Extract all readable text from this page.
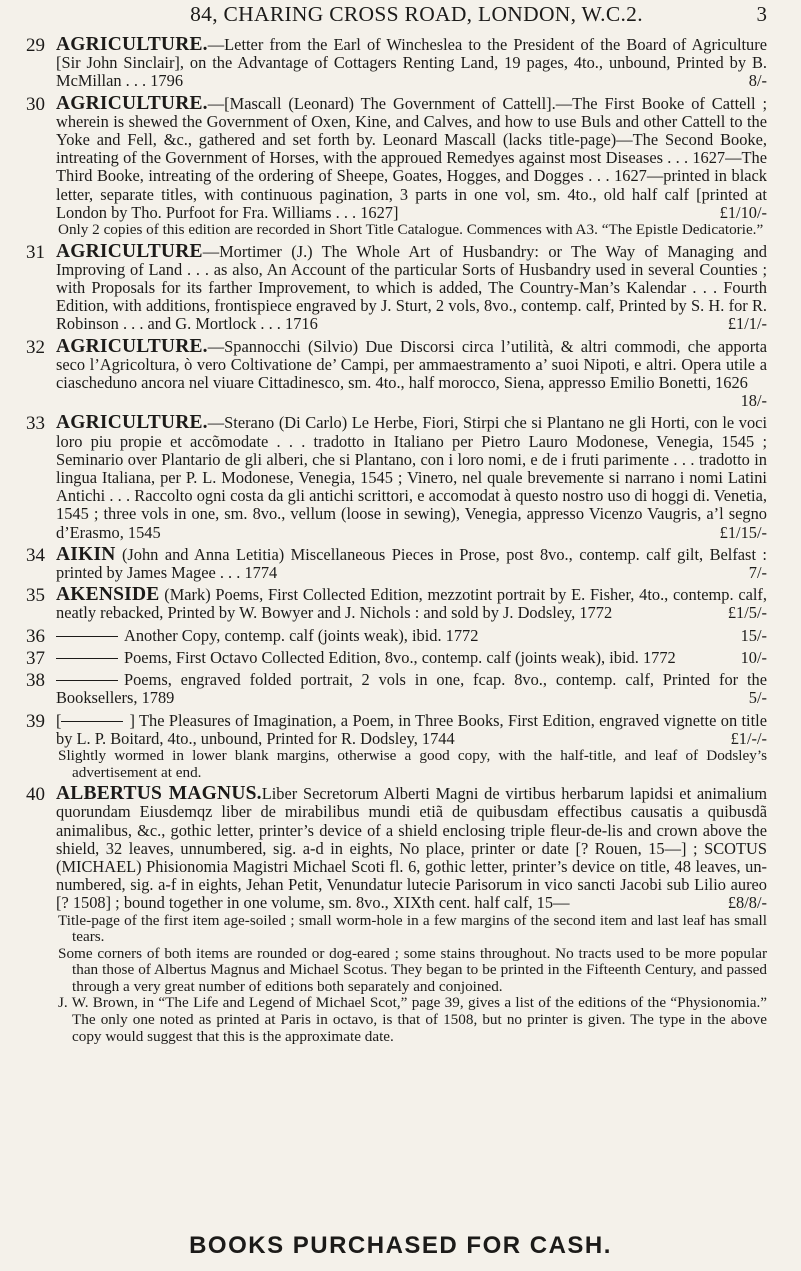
84, CHARING CROSS ROAD, LONDON, W.C.2.	3
29 AGRICULTURE.—Letter from the Earl of Wincheslea to the President of the Board of Agriculture [Sir John Sinclair], on the Advantage of Cottagers Renting Land, 19 pages, 4to., unbound, Printed by B. McMillan . . . 1796	8/-

30 AGRICULTURE.—[Mascall (Leonard) The Government of Cattell].—The First Booke of Cattell ; wherein is shewed the Government of Oxen, Kine, and Calves, and how to use Buls and other Cattell to the Yoke and Fell, &c., gathered and set forth by. Leonard Mascall (lacks title-page)—The Second Booke, intreating of the Government of Horses, with the approued Remedyes against most Diseases . . . 1627—The Third Booke, intreating of the ordering of Sheepe, Goates, Hogges, and Dogges . . . 1627—printed in black letter, separate titles, with continuous pagination, 3 parts in one vol, sm. 4to., old half calf [printed at London by Tho. Purfoot for Fra. Williams . . . 1627]	£1/10/-

Only 2 copies of this edition are recorded in Short Title Catalogue. Commences with A3. “The Epistle Dedicatorie.”

31 AGRICULTURE—Mortimer (J.) The Whole Art of Husbandry: or The Way of Managing and Improving of Land . . . as also, An Account of the particular Sorts of Husbandry used in several Counties ; with Proposals for its farther Improvement, to which is added, The Country-Man’s Kalendar . . . Fourth Edition, with additions, frontispiece engraved by J. Sturt, 2 vols, 8vo., contemp. calf, Printed by S. H. for R. Robinson . . . and G. Mortlock . . . 1716	£1/1/-

32 AGRICULTURE.—Spannocchi (Silvio) Due Discorsi circa l’utilità, & altri commodi, che apporta seco l’Agricoltura, ò vero Coltivatione de’ Campi, per ammaestramento a’ suoi Nipoti, e altri. Opera utile a ciascheduno ancora nel viuare Cittadinesco, sm. 4to., half morocco, Siena, appresso Emilio Bonetti, 1626
18/-

33 AGRICULTURE.—Sterano (Di Carlo) Le Herbe, Fiori, Stirpi che si Plantano ne gli Horti, con le voci loro piu propie et accõmodate . . . tradotto in Italiano per Pietro Lauro Modonese, Venegia, 1545 ; Seminario over Plantario de gli alberi, che si Plantano, con i loro nomi, e de i fruti parimente . . . tradotto in lingua Italiana, per P. L. Modonese, Venegia, 1545 ; Vinето, nel quale brevemente si narrano i nomi Latini Antichi . . . Raccolto ogni costa da gli antichi scrittori, e accomodat à questo nostro uso di hoggi di. Venetia, 1545 ; three vols in one, sm. 8vo., vellum (loose in sewing), Venegia, appresso Vicenzo Vaugris, a’l segno d’Erasmo, 1545	£1/15/-

34 AIKIN (John and Anna Letitia) Miscellaneous Pieces in Prose, post 8vo., contemp. calf gilt, Belfast : printed by James Magee . . . 1774	7/-

35 AKENSIDE (Mark) Poems, First Collected Edition, mezzotint portrait by E. Fisher, 4to., contemp. calf, neatly rebacked, Printed by W. Bowyer and J. Nichols : and sold by J. Dodsley, 1772	£1/5/-

36	Another Copy, contemp. calf (joints weak), ibid. 1772	15/-

37	Poems, First Octavo Collected Edition, 8vo., contemp. calf (joints weak), ibid. 1772	10/-

38	Poems, engraved folded portrait, 2 vols in one, fcap. 8vo., contemp. calf, Printed for the Booksellers, 1789	5/-

39 [	] The Pleasures of Imagination, a Poem, in Three Books, First Edition, engraved vignette on title by L. P. Boitard, 4to., unbound, Printed for R. Dodsley, 1744	£1/-/-

Slightly wormed in lower blank margins, otherwise a good copy, with the half-title, and leaf of Dodsley’s advertisement at end.

40 ALBERTUS MAGNUS.Liber Secretorum Alberti Magni de virtibus herbarum lapidsi et animalium quorundam Eiusdemqz liber de mirabilibus mundi etiã de quibusdam effectibus causatis a quibusdã animalibus, &c., gothic letter, printer’s device of a shield enclosing triple fleur-de-lis and crown above the shield, 32 leaves, unnumbered, sig. a-d in eights, No place, printer or date [? Rouen, 15—] ; SCOTUS (MICHAEL) Phisionomia Magistri Michael Scoti fl. 6, gothic letter, printer’s device on title, 48 leaves, un-numbered, sig. a-f in eights, Jehan Petit, Venundatur lutecie Parisorum in vico sancti Jacobi sub Lilio aureo [? 1508] ; bound together in one volume, sm. 8vo., XIXth cent. half calf, 15—	£8/8/-

Title-page of the first item age-soiled ; small worm-hole in a few margins of the second item and last leaf has small tears.

Some corners of both items are rounded or dog-eared ; some stains throughout. No tracts used to be more popular than those of Albertus Magnus and Michael Scotus. They began to be printed in the Fifteenth Century, and passed through a very great number of editions both separately and conjoined.

J. W. Brown, in “The Life and Legend of Michael Scot,” page 39, gives a list of the editions of the “Physionomia.” The only one noted as printed at Paris in octavo, is that of 1508, but no printer is given. The type in the above copy would suggest that this is the approximate date.

BOOKS PURCHASED FOR CASH.
